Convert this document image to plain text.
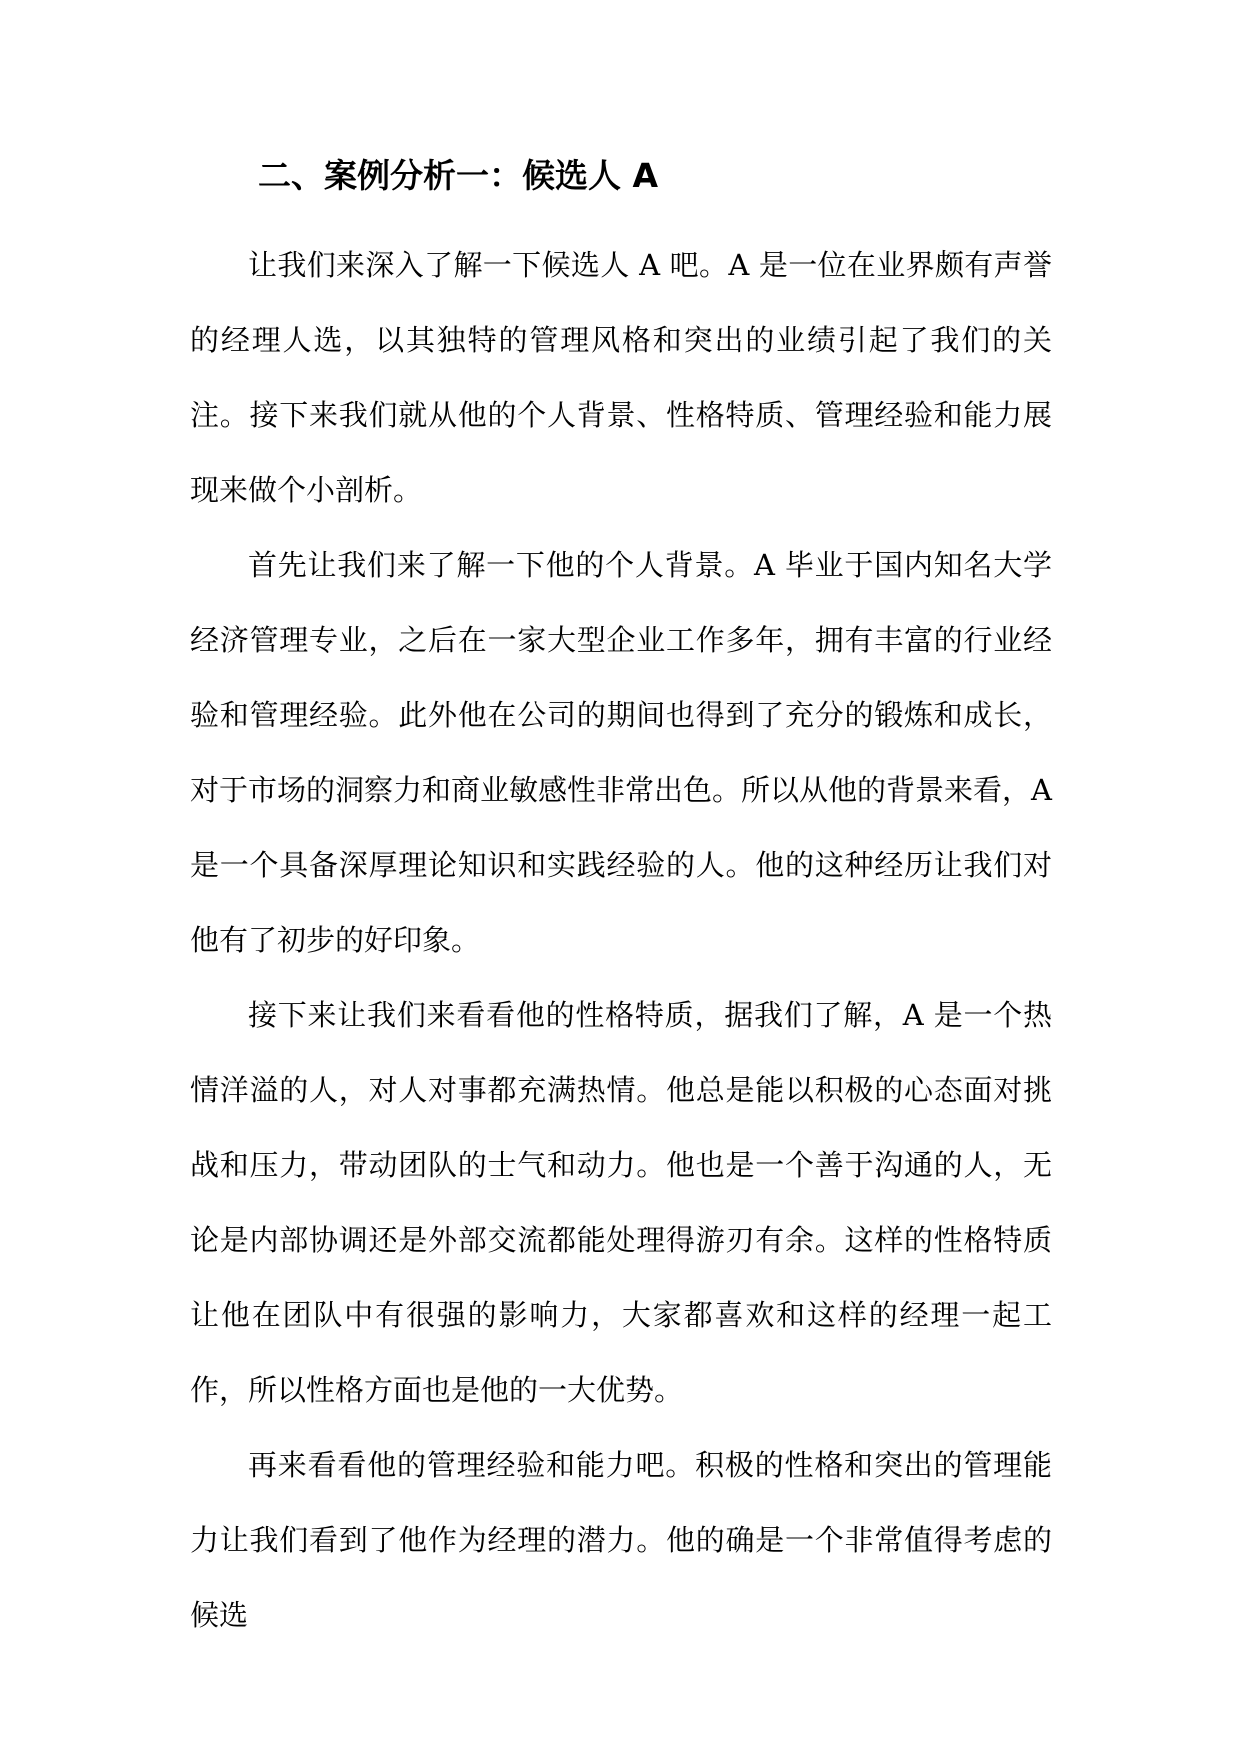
二、案例分析一：候选人 A

让我们来深入了解一下候选人 A 吧。A 是一位在业界颇有声誉的经理人选，以其独特的管理风格和突出的业绩引起了我们的关注。接下来我们就从他的个人背景、性格特质、管理经验和能力展现来做个小剖析。

首先让我们来了解一下他的个人背景。A 毕业于国内知名大学经济管理专业，之后在一家大型企业工作多年，拥有丰富的行业经验和管理经验。此外他在公司的期间也得到了充分的锻炼和成长，对于市场的洞察力和商业敏感性非常出色。所以从他的背景来看，A 是一个具备深厚理论知识和实践经验的人。他的这种经历让我们对他有了初步的好印象。

接下来让我们来看看他的性格特质，据我们了解，A 是一个热情洋溢的人，对人对事都充满热情。他总是能以积极的心态面对挑战和压力，带动团队的士气和动力。他也是一个善于沟通的人，无论是内部协调还是外部交流都能处理得游刃有余。这样的性格特质让他在团队中有很强的影响力，大家都喜欢和这样的经理一起工作，所以性格方面也是他的一大优势。

再来看看他的管理经验和能力吧。积极的性格和突出的管理能力让我们看到了他作为经理的潜力。他的确是一个非常值得考虑的候选
